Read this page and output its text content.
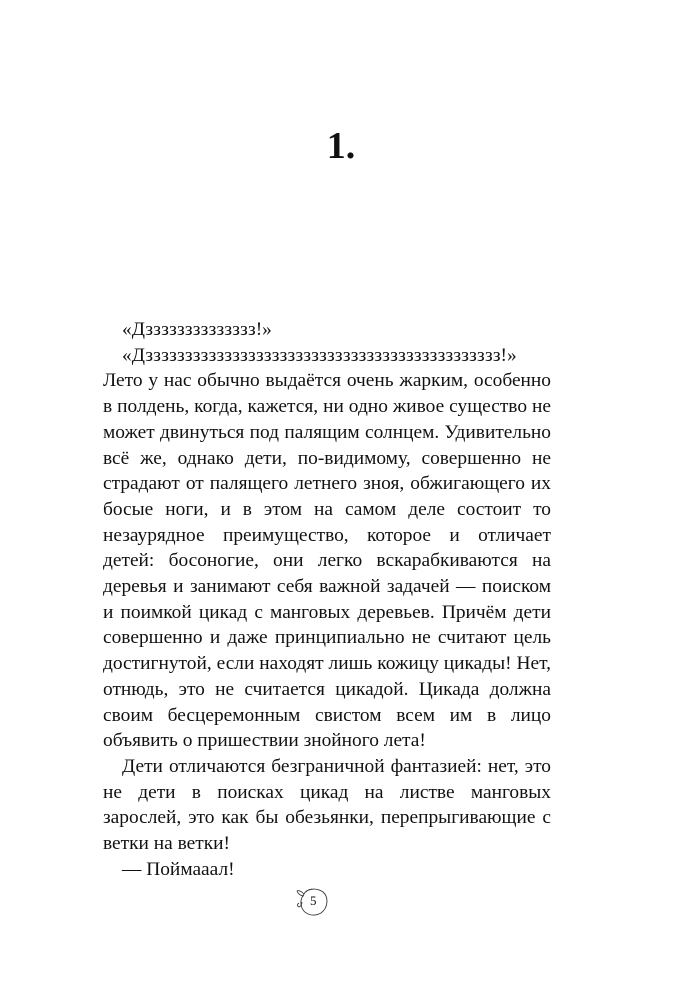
1.

«Дзззззззззззззз!»

«Дззззззззззззззззззззззззззззззззззззззззззззз!»

Лето у нас обычно выдаётся очень жарким, особенно в полдень, когда, кажется, ни одно живое существо не может двинуться под палящим солнцем. Удивительно всё же, однако дети, по-видимому, совершенно не страдают от палящего летнего зноя, обжигающего их босые ноги, и в этом на самом деле состоит то незаурядное преимущество, которое и отличает детей: босоногие, они легко вскарабкиваются на деревья и занимают себя важной задачей — поиском и поимкой цикад с манговых деревьев. Причём дети совершенно и даже принципиально не считают цель достигнутой, если находят лишь кожицу цикады! Нет, отнюдь, это не считается цикадой. Цикада должна своим бесцеремонным свистом всем им в лицо объявить о пришествии знойного лета!

Дети отличаются безграничной фантазией: нет, это не дети в поисках цикад на листве манговых зарослей, это как бы обезьянки, перепрыгивающие с ветки на ветки!

— Поймааал!

5
